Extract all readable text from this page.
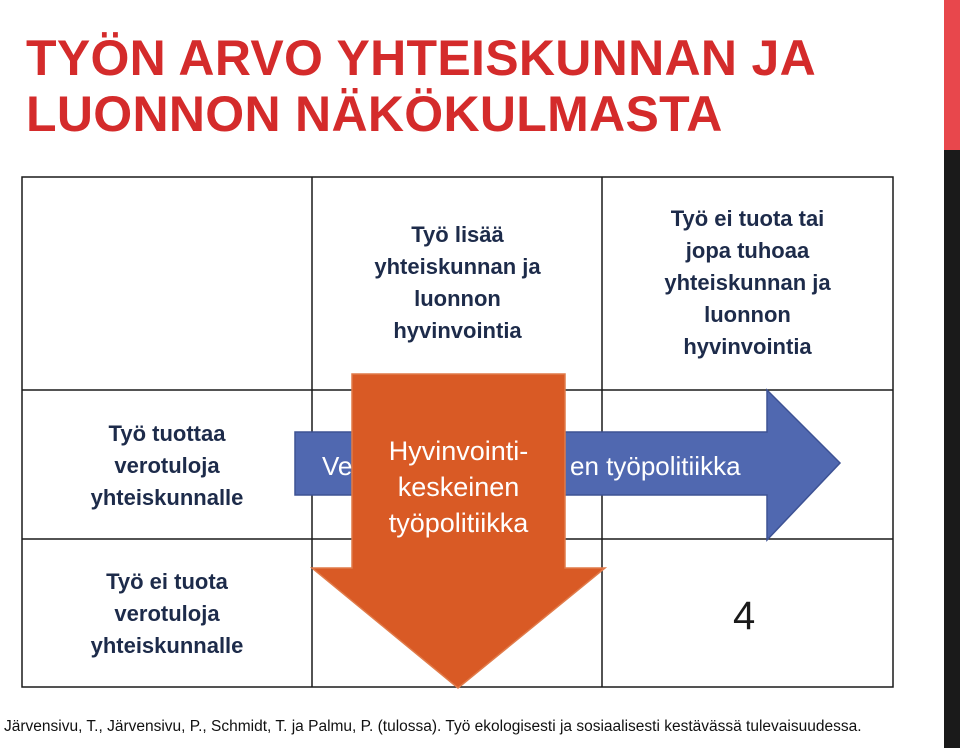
TYÖN ARVO YHTEISKUNNAN JA
LUONNON NÄKÖKULMASTA
Työ lisää
yhteiskunnan ja
luonnon
hyvinvointia
Työ ei tuota tai
jopa tuhoaa
yhteiskunnan ja
luonnon
hyvinvointia
Työ tuottaa
verotuloja
yhteiskunnalle
Työ ei tuota
verotuloja
yhteiskunnalle
Ve	en työpolitiikka
Hyvinvointi-
keskeinen
työpolitiikka
4
Järvensivu, T., Järvensivu, P., Schmidt, T. ja Palmu, P. (tulossa). Työ ekologisesti ja sosiaalisesti kestävässä tulevaisuudessa.
